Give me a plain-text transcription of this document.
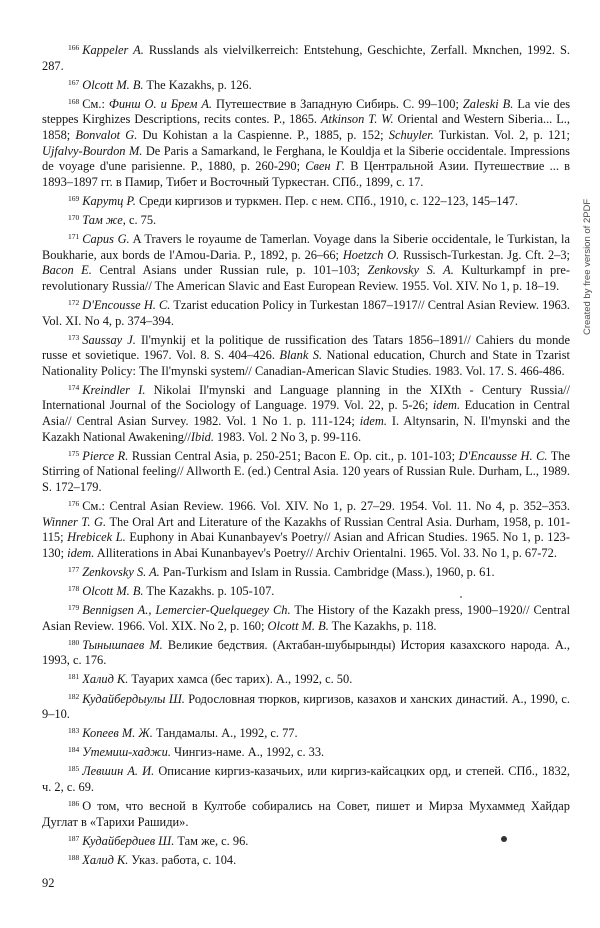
$^{166}$ Kappeler A. Russlands als vielvilkerreich: Entstehung, Geschichte, Zerfall. Mкnchen, 1992. S. 287.

$^{167}$ Olcott M. B. The Kazakhs, p. 126.

$^{168}$ См.: Финш О. и Брем А. Путешествие в Западную Сибирь. С. 99–100; Zaleski B. La vie des steppes Kirghizes Descriptions, recits contes. P., 1865. Atkinson T. W. Oriental and Western Siberia... L., 1858; Bonvalot G. Du Kohistan a la Caspienne. P., 1885, p. 152; Schuyler. Turkistan. Vol. 2, p. 121; Ujfalvy-Bourdon M. De Paris a Samarkand, le Ferghana, le Kouldja et la Siberie occidentale. Impressions de voyage d'une parisienne. P., 1880, p. 260-290; Свен Г. В Центральной Азии. Путешествие ... в 1893–1897 гг. в Памир, Тибет и Восточный Туркестан. СПб., 1899, с. 17.

$^{169}$ Карутц Р. Среди киргизов и туркмен. Пер. с нем. СПб., 1910, с. 122–123, 145–147.

$^{170}$ Там же, с. 75.

$^{171}$ Capus G. A Travers le royaume de Tamerlan. Voyage dans la Siberie occidentale, le Turkistan, la Boukharie, aux bords de l'Amou-Daria. P., 1892, p. 26–66; Hoetzch O. Russisch-Turkestan. Jg. Cft. 2–3; Bacon E. Central Asians under Russian rule, p. 101–103; Zenkovsky S. A. Kulturkampf in pre-revolutionary Russia// The American Slavic and East European Review. 1955. Vol. XIV. No 1, p. 18–19.

$^{172}$ D'Encousse H. C. Tzarist education Policy in Turkestan 1867–1917// Central Asian Review. 1963. Vol. XI. No 4, p. 374–394.

$^{173}$ Saussay J. Il'mynkij et la politique de russification des Tatars 1856–1891// Cahiers du monde russe et sovietique. 1967. Vol. 8. S. 404–426. Blank S. National education, Church and State in Tzarist Nationality Policy: The Il'mynski system// Canadian-American Slavic Studies. 1983. Vol. 17. S. 466-486.

$^{174}$ Kreindler I. Nikolai Il'mynski and Language planning in the XIXth - Century Russia// International Journal of the Sociology of Language. 1979. Vol. 22, p. 5-26; idem. Education in Central Asia// Central Asian Survey. 1982. Vol. 1 No 1. p. 111-124; idem. I. Altynsarin, N. Il'mynski and the Kazakh National Awakening//Ibid. 1983. Vol. 2 No 3, p. 99-116.

$^{175}$ Pierce R. Russian Central Asia, p. 250-251; Bacon E. Op. cit., p. 101-103; D'Encausse H. C. The Stirring of National feeling// Allworth E. (ed.) Central Asia. 120 years of Russian Rule. Durham, L., 1989. S. 172–179.

$^{176}$ См.: Central Asian Review. 1966. Vol. XIV. No 1, p. 27–29. 1954. Vol. 11. No 4, p. 352–353. Winner T. G. The Oral Art and Literature of the Kazakhs of Russian Central Asia. Durham, 1958, p. 101-115; Hrebicek L. Euphony in Abai Kunanbayev's Poetry// Asian and African Studies. 1965. No 1, p. 123-130; idem. Alliterations in Abai Kunanbayev's Poetry// Archiv Orientalni. 1965. Vol. 33. No 1, p. 67-72.

$^{177}$ Zenkovsky S. A. Pan-Turkism and Islam in Russia. Cambridge (Mass.), 1960, p. 61.

$^{178}$ Olcott M. B. The Kazakhs. p. 105-107.

$^{179}$ Bennigsen A., Lemercier-Quelquegey Ch. The History of the Kazakh press, 1900–1920// Central Asian Review. 1966. Vol. XIX. No 2, p. 160; Olcott M. B. The Kazakhs, p. 118.

$^{180}$ Тынышпаев М. Великие бедствия. (Актабан-шубырынды) История казахского народа. А., 1993, с. 176.

$^{181}$ Халид К. Тауарих хамса (бес тарих). А., 1992, с. 50.

$^{182}$ Кудайбердыулы Ш. Родословная тюрков, киргизов, казахов и ханских династий. А., 1990, с. 9–10.

$^{183}$ Копеев М. Ж. Тандамалы. А., 1992, с. 77.

$^{184}$ Утемиш-хаджи. Чингиз-наме. А., 1992, с. 33.

$^{185}$ Левшин А. И. Описание киргиз-казачьих, или киргиз-кайсацких орд, и степей. СПб., 1832, ч. 2, с. 69.

$^{186}$ О том, что весной в Култобе собирались на Совет, пишет и Мирза Мухаммед Хайдар Дуглат в «Тарихи Рашиди».

$^{187}$ Кудайбердиев Ш. Там же, с. 96.

$^{188}$ Халид К. Указ. работа, с. 104.

92
Created by free version of 2PDF
